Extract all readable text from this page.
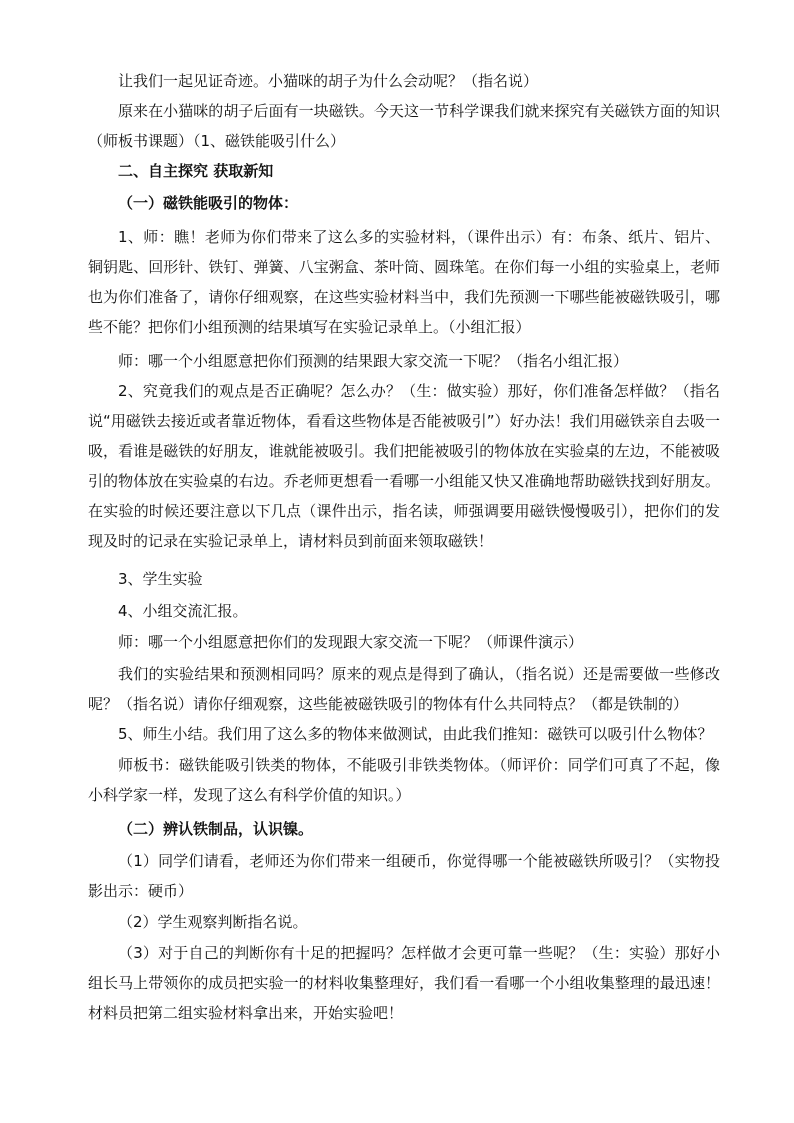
让我们一起见证奇迹。小猫咪的胡子为什么会动呢？（指名说）

原来在小猫咪的胡子后面有一块磁铁。今天这一节科学课我们就来探究有关磁铁方面的知识（师板书课题）（1、磁铁能吸引什么）

二、自主探究 获取新知

（一）磁铁能吸引的物体：

1、师：瞧！老师为你们带来了这么多的实验材料，（课件出示）有：布条、纸片、铝片、铜钥匙、回形针、铁钉、弹簧、八宝粥盒、茶叶筒、圆珠笔。在你们每一小组的实验桌上，老师也为你们准备了，请你仔细观察，在这些实验材料当中，我们先预测一下哪些能被磁铁吸引，哪些不能？把你们小组预测的结果填写在实验记录单上。（小组汇报）

师：哪一个小组愿意把你们预测的结果跟大家交流一下呢？（指名小组汇报）

2、究竟我们的观点是否正确呢？怎么办？（生：做实验）那好，你们准备怎样做？（指名说“用磁铁去接近或者靠近物体，看看这些物体是否能被吸引”）好办法！我们用磁铁亲自去吸一吸，看谁是磁铁的好朋友，谁就能被吸引。我们把能被吸引的物体放在实验桌的左边，不能被吸引的物体放在实验桌的右边。乔老师更想看一看哪一小组能又快又准确地帮助磁铁找到好朋友。在实验的时候还要注意以下几点（课件出示，指名读，师强调要用磁铁慢慢吸引），把你们的发现及时的记录在实验记录单上，请材料员到前面来领取磁铁！

3、学生实验

4、小组交流汇报。

师：哪一个小组愿意把你们的发现跟大家交流一下呢？（师课件演示）

我们的实验结果和预测相同吗？原来的观点是得到了确认，（指名说）还是需要做一些修改呢？（指名说）请你仔细观察，这些能被磁铁吸引的物体有什么共同特点？（都是铁制的）

5、师生小结。我们用了这么多的物体来做测试，由此我们推知：磁铁可以吸引什么物体？

师板书：磁铁能吸引铁类的物体，不能吸引非铁类物体。（师评价：同学们可真了不起，像小科学家一样，发现了这么有科学价值的知识。）

（二）辨认铁制品，认识镍。

（1）同学们请看，老师还为你们带来一组硬币，你觉得哪一个能被磁铁所吸引？（实物投影出示：硬币）

（2）学生观察判断指名说。

（3）对于自己的判断你有十足的把握吗？怎样做才会更可靠一些呢？（生：实验）那好小组长马上带领你的成员把实验一的材料收集整理好，我们看一看哪一个小组收集整理的最迅速！材料员把第二组实验材料拿出来，开始实验吧！
